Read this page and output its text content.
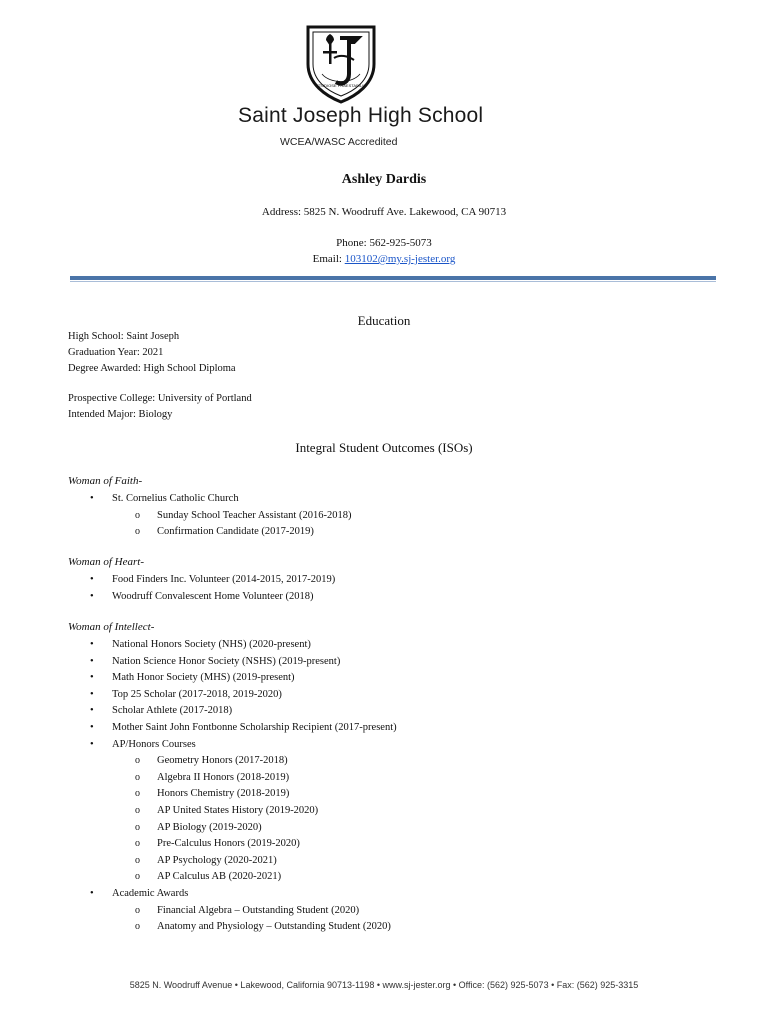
STUDIOSE PRAESTABILIS
Saint Joseph High School
WCEA/WASC Accredited
Ashley Dardis
Address: 5825 N. Woodruff Ave. Lakewood, CA 90713
Phone: 562-925-5073
Email: 103102@my.sj-jester.org
Education
High School: Saint Joseph
Graduation Year: 2021
Degree Awarded: High School Diploma
Prospective College: University of Portland
Intended Major: Biology
Integral Student Outcomes (ISOs)
Woman of Faith-
• St. Cornelius Catholic Church
o Sunday School Teacher Assistant (2016-2018)
o Confirmation Candidate (2017-2019)
Woman of Heart-
• Food Finders Inc. Volunteer (2014-2015, 2017-2019)
• Woodruff Convalescent Home Volunteer (2018)
Woman of Intellect-
• National Honors Society (NHS) (2020-present)
• Nation Science Honor Society (NSHS) (2019-present)
• Math Honor Society (MHS) (2019-present)
• Top 25 Scholar (2017-2018, 2019-2020)
• Scholar Athlete (2017-2018)
• Mother Saint John Fontbonne Scholarship Recipient (2017-present)
• AP/Honors Courses
o Geometry Honors (2017-2018)
o Algebra II Honors (2018-2019)
o Honors Chemistry (2018-2019)
o AP United States History (2019-2020)
o AP Biology (2019-2020)
o Pre-Calculus Honors (2019-2020)
o AP Psychology (2020-2021)
o AP Calculus AB (2020-2021)
• Academic Awards
o Financial Algebra – Outstanding Student (2020)
o Anatomy and Physiology – Outstanding Student (2020)
5825 N. Woodruff Avenue • Lakewood, California 90713-1198 • www.sj-jester.org • Office: (562) 925-5073 • Fax: (562) 925-3315
